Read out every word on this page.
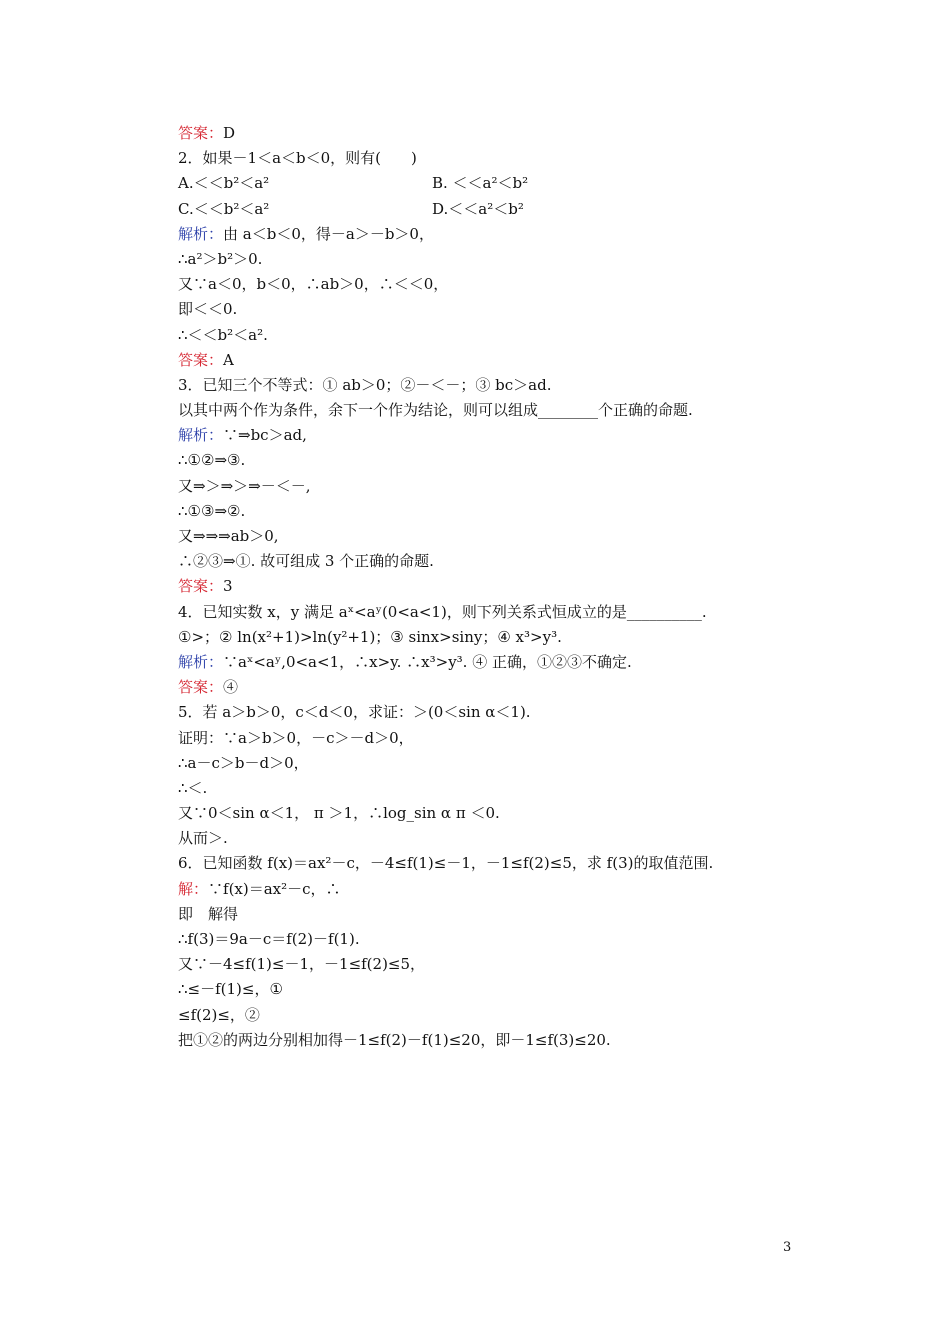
答案：D
2．如果－1＜a＜b＜0，则有(　　)
A.＜＜b²＜a²	B. ＜＜a²＜b²
C.＜＜b²＜a²	D.＜＜a²＜b²
解析：由 a＜b＜0，得－a＞－b＞0，
∴a²＞b²＞0.
又∵a＜0，b＜0，∴ab＞0，∴＜＜0，
即＜＜0.
∴＜＜b²＜a².
答案：A
3．已知三个不等式：① ab＞0；②－＜－；③ bc＞ad.
以其中两个作为条件，余下一个作为结论，则可以组成________个正确的命题.
解析：∵⇒bc＞ad,
∴①②⇒③.
又⇒＞⇒＞⇒－＜－,
∴①③⇒②.
又⇒⇒⇒ab＞0,
∴②③⇒①. 故可组成 3 个正确的命题.
答案：3
4．已知实数 x，y 满足 aˣ<aʸ(0<a<1)，则下列关系式恒成立的是__________.
①>；② ln(x²+1)>ln(y²+1)；③ sinx>siny；④ x³>y³.
解析：∵aˣ<aʸ,0<a<1，∴x>y. ∴x³>y³. ④ 正确，①②③不确定.
答案：④
5．若 a＞b＞0，c＜d＜0，求证：＞(0＜sin α＜1).
证明：∵a＞b＞0，－c＞－d＞0，
∴a－c＞b－d＞0，
∴＜.
又∵0＜sin α＜1， π ＞1，∴log_sin α π ＜0.
从而＞.
6．已知函数 f(x)＝ax²－c，－4≤f(1)≤－1，－1≤f(2)≤5，求 f(3)的取值范围.
解：∵f(x)＝ax²－c，∴
即　解得
∴f(3)＝9a－c＝f(2)－f(1).
又∵－4≤f(1)≤－1，－1≤f(2)≤5，
∴≤－f(1)≤，①
≤f(2)≤，②
把①②的两边分别相加得－1≤f(2)－f(1)≤20，即－1≤f(3)≤20.
3
